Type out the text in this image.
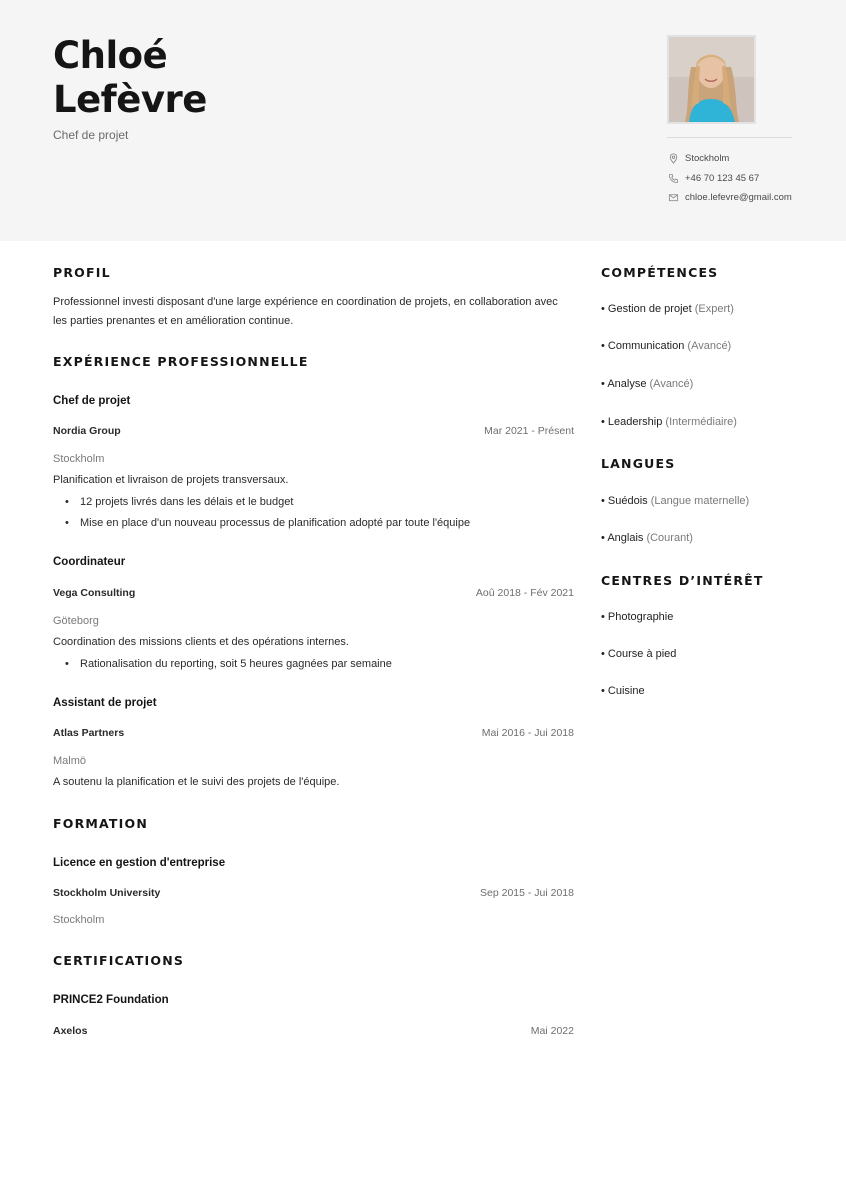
Chloé
Lefèvre
Chef de projet
Stockholm
+46 70 123 45 67
chloe.lefevre@gmail.com
PROFIL
Professionnel investi disposant d'une large expérience en coordination de projets, en collaboration avec
les parties prenantes et en amélioration continue.
EXPÉRIENCE PROFESSIONNELLE
Chef de projet
Nordia Group	Mar 2021 - Présent
Stockholm
Planification et livraison de projets transversaux.
• 12 projets livrés dans les délais et le budget
• Mise en place d'un nouveau processus de planification adopté par toute l'équipe
Coordinateur
Vega Consulting	Aoû 2018 - Fév 2021
Göteborg
Coordination des missions clients et des opérations internes.
• Rationalisation du reporting, soit 5 heures gagnées par semaine
Assistant de projet
Atlas Partners	Mai 2016 - Jui 2018
Malmö
A soutenu la planification et le suivi des projets de l'équipe.
FORMATION
Licence en gestion d'entreprise
Stockholm University	Sep 2015 - Jui 2018
Stockholm
CERTIFICATIONS
PRINCE2 Foundation
Axelos	Mai 2022
COMPÉTENCES
• Gestion de projet (Expert)
• Communication (Avancé)
• Analyse (Avancé)
• Leadership (Intermédiaire)
LANGUES
• Suédois (Langue maternelle)
• Anglais (Courant)
CENTRES D’INTÉRÊT
• Photographie
• Course à pied
• Cuisine
